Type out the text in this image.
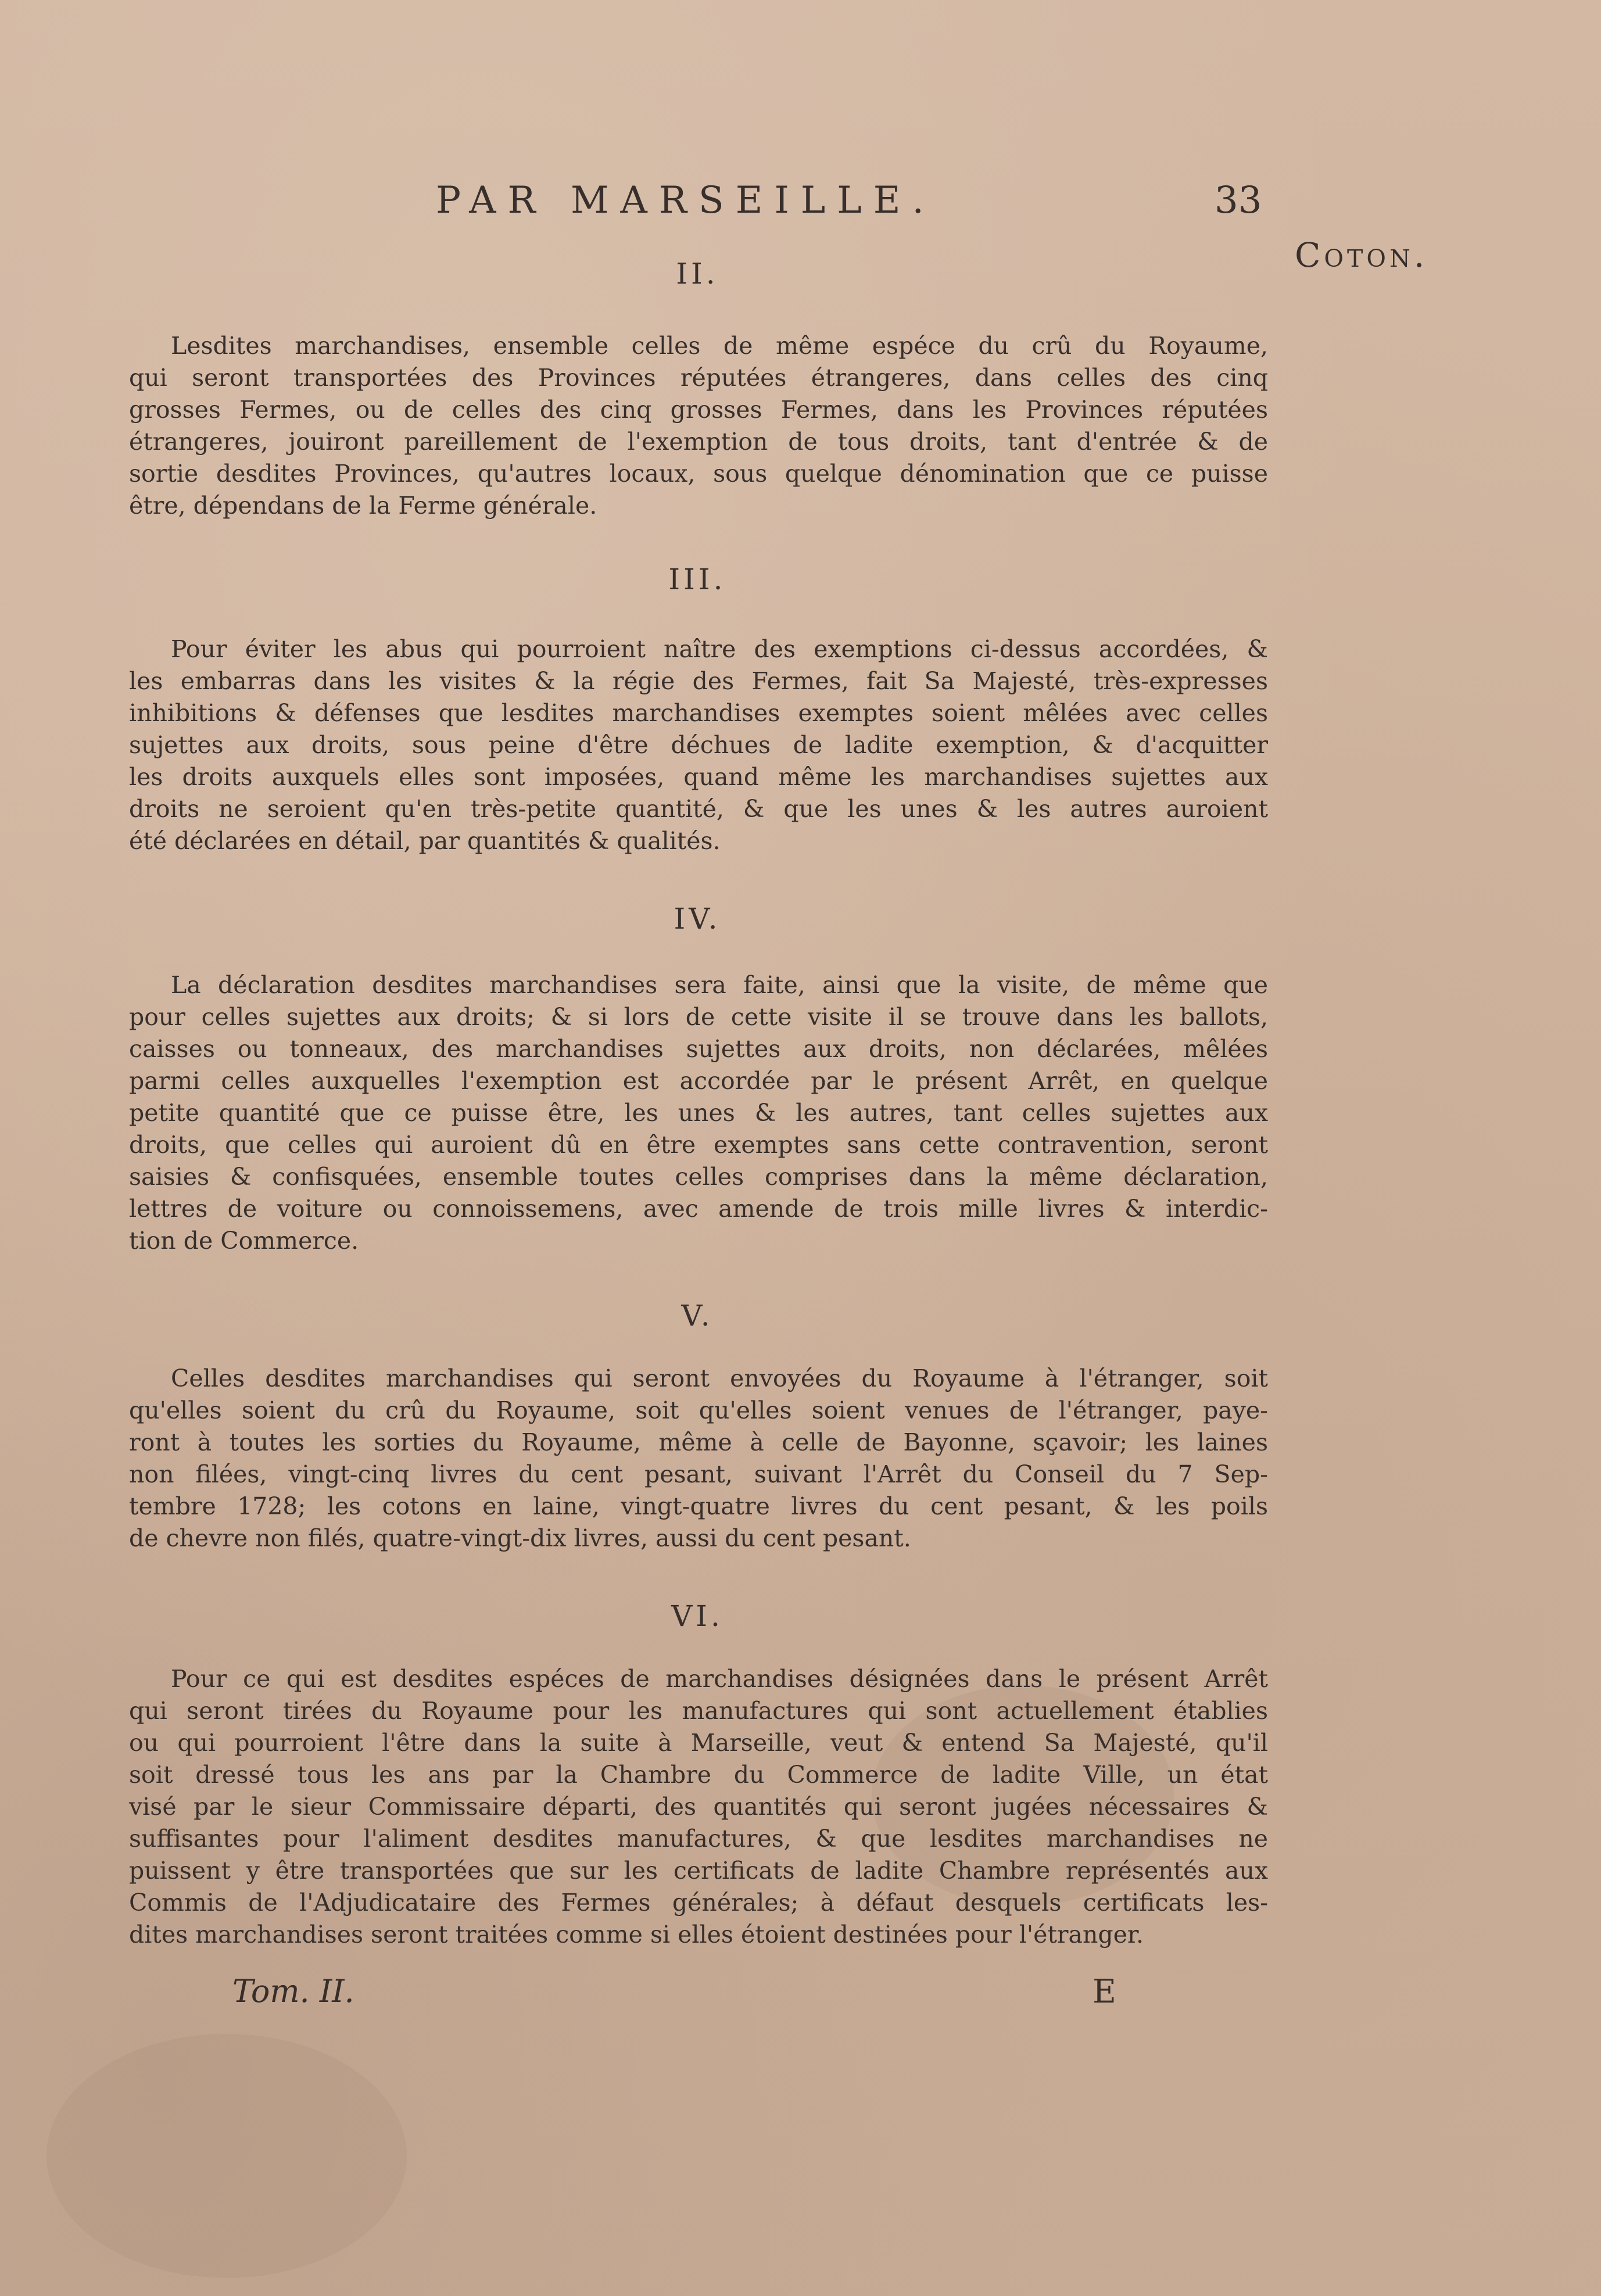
PAR MARSEILLE.	33
Coton.
II.
Lesdites marchandises, ensemble celles de même espéce du crû du Royaume,
qui seront transportées des Provinces réputées étrangeres, dans celles des cinq
grosses Fermes, ou de celles des cinq grosses Fermes, dans les Provinces réputées
étrangeres, jouiront pareillement de l'exemption de tous droits, tant d'entrée & de
sortie desdites Provinces, qu'autres locaux, sous quelque dénomination que ce puisse
être, dépendans de la Ferme générale.
III.
Pour éviter les abus qui pourroient naître des exemptions ci-dessus accordées, &
les embarras dans les visites & la régie des Fermes, fait Sa Majesté, très-expresses
inhibitions & défenses que lesdites marchandises exemptes soient mêlées avec celles
sujettes aux droits, sous peine d'être déchues de ladite exemption, & d'acquitter
les droits auxquels elles sont imposées, quand même les marchandises sujettes aux
droits ne seroient qu'en très-petite quantité, & que les unes & les autres auroient
été déclarées en détail, par quantités & qualités.
IV.
La déclaration desdites marchandises sera faite, ainsi que la visite, de même que
pour celles sujettes aux droits; & si lors de cette visite il se trouve dans les ballots,
caisses ou tonneaux, des marchandises sujettes aux droits, non déclarées, mêlées
parmi celles auxquelles l'exemption est accordée par le présent Arrêt, en quelque
petite quantité que ce puisse être, les unes & les autres, tant celles sujettes aux
droits, que celles qui auroient dû en être exemptes sans cette contravention, seront
saisies & confisquées, ensemble toutes celles comprises dans la même déclaration,
lettres de voiture ou connoissemens, avec amende de trois mille livres & interdic-
tion de Commerce.
V.
Celles desdites marchandises qui seront envoyées du Royaume à l'étranger, soit
qu'elles soient du crû du Royaume, soit qu'elles soient venues de l'étranger, paye-
ront à toutes les sorties du Royaume, même à celle de Bayonne, sçavoir; les laines
non filées, vingt-cinq livres du cent pesant, suivant l'Arrêt du Conseil du 7 Sep-
tembre 1728; les cotons en laine, vingt-quatre livres du cent pesant, & les poils
de chevre non filés, quatre-vingt-dix livres, aussi du cent pesant.
VI.
Pour ce qui est desdites espéces de marchandises désignées dans le présent Arrêt
qui seront tirées du Royaume pour les manufactures qui sont actuellement établies
ou qui pourroient l'être dans la suite à Marseille, veut & entend Sa Majesté, qu'il
soit dressé tous les ans par la Chambre du Commerce de ladite Ville, un état
visé par le sieur Commissaire départi, des quantités qui seront jugées nécessaires &
suffisantes pour l'aliment desdites manufactures, & que lesdites marchandises ne
puissent y être transportées que sur les certificats de ladite Chambre représentés aux
Commis de l'Adjudicataire des Fermes générales; à défaut desquels certificats les-
dites marchandises seront traitées comme si elles étoient destinées pour l'étranger.
Tom. II.	E
